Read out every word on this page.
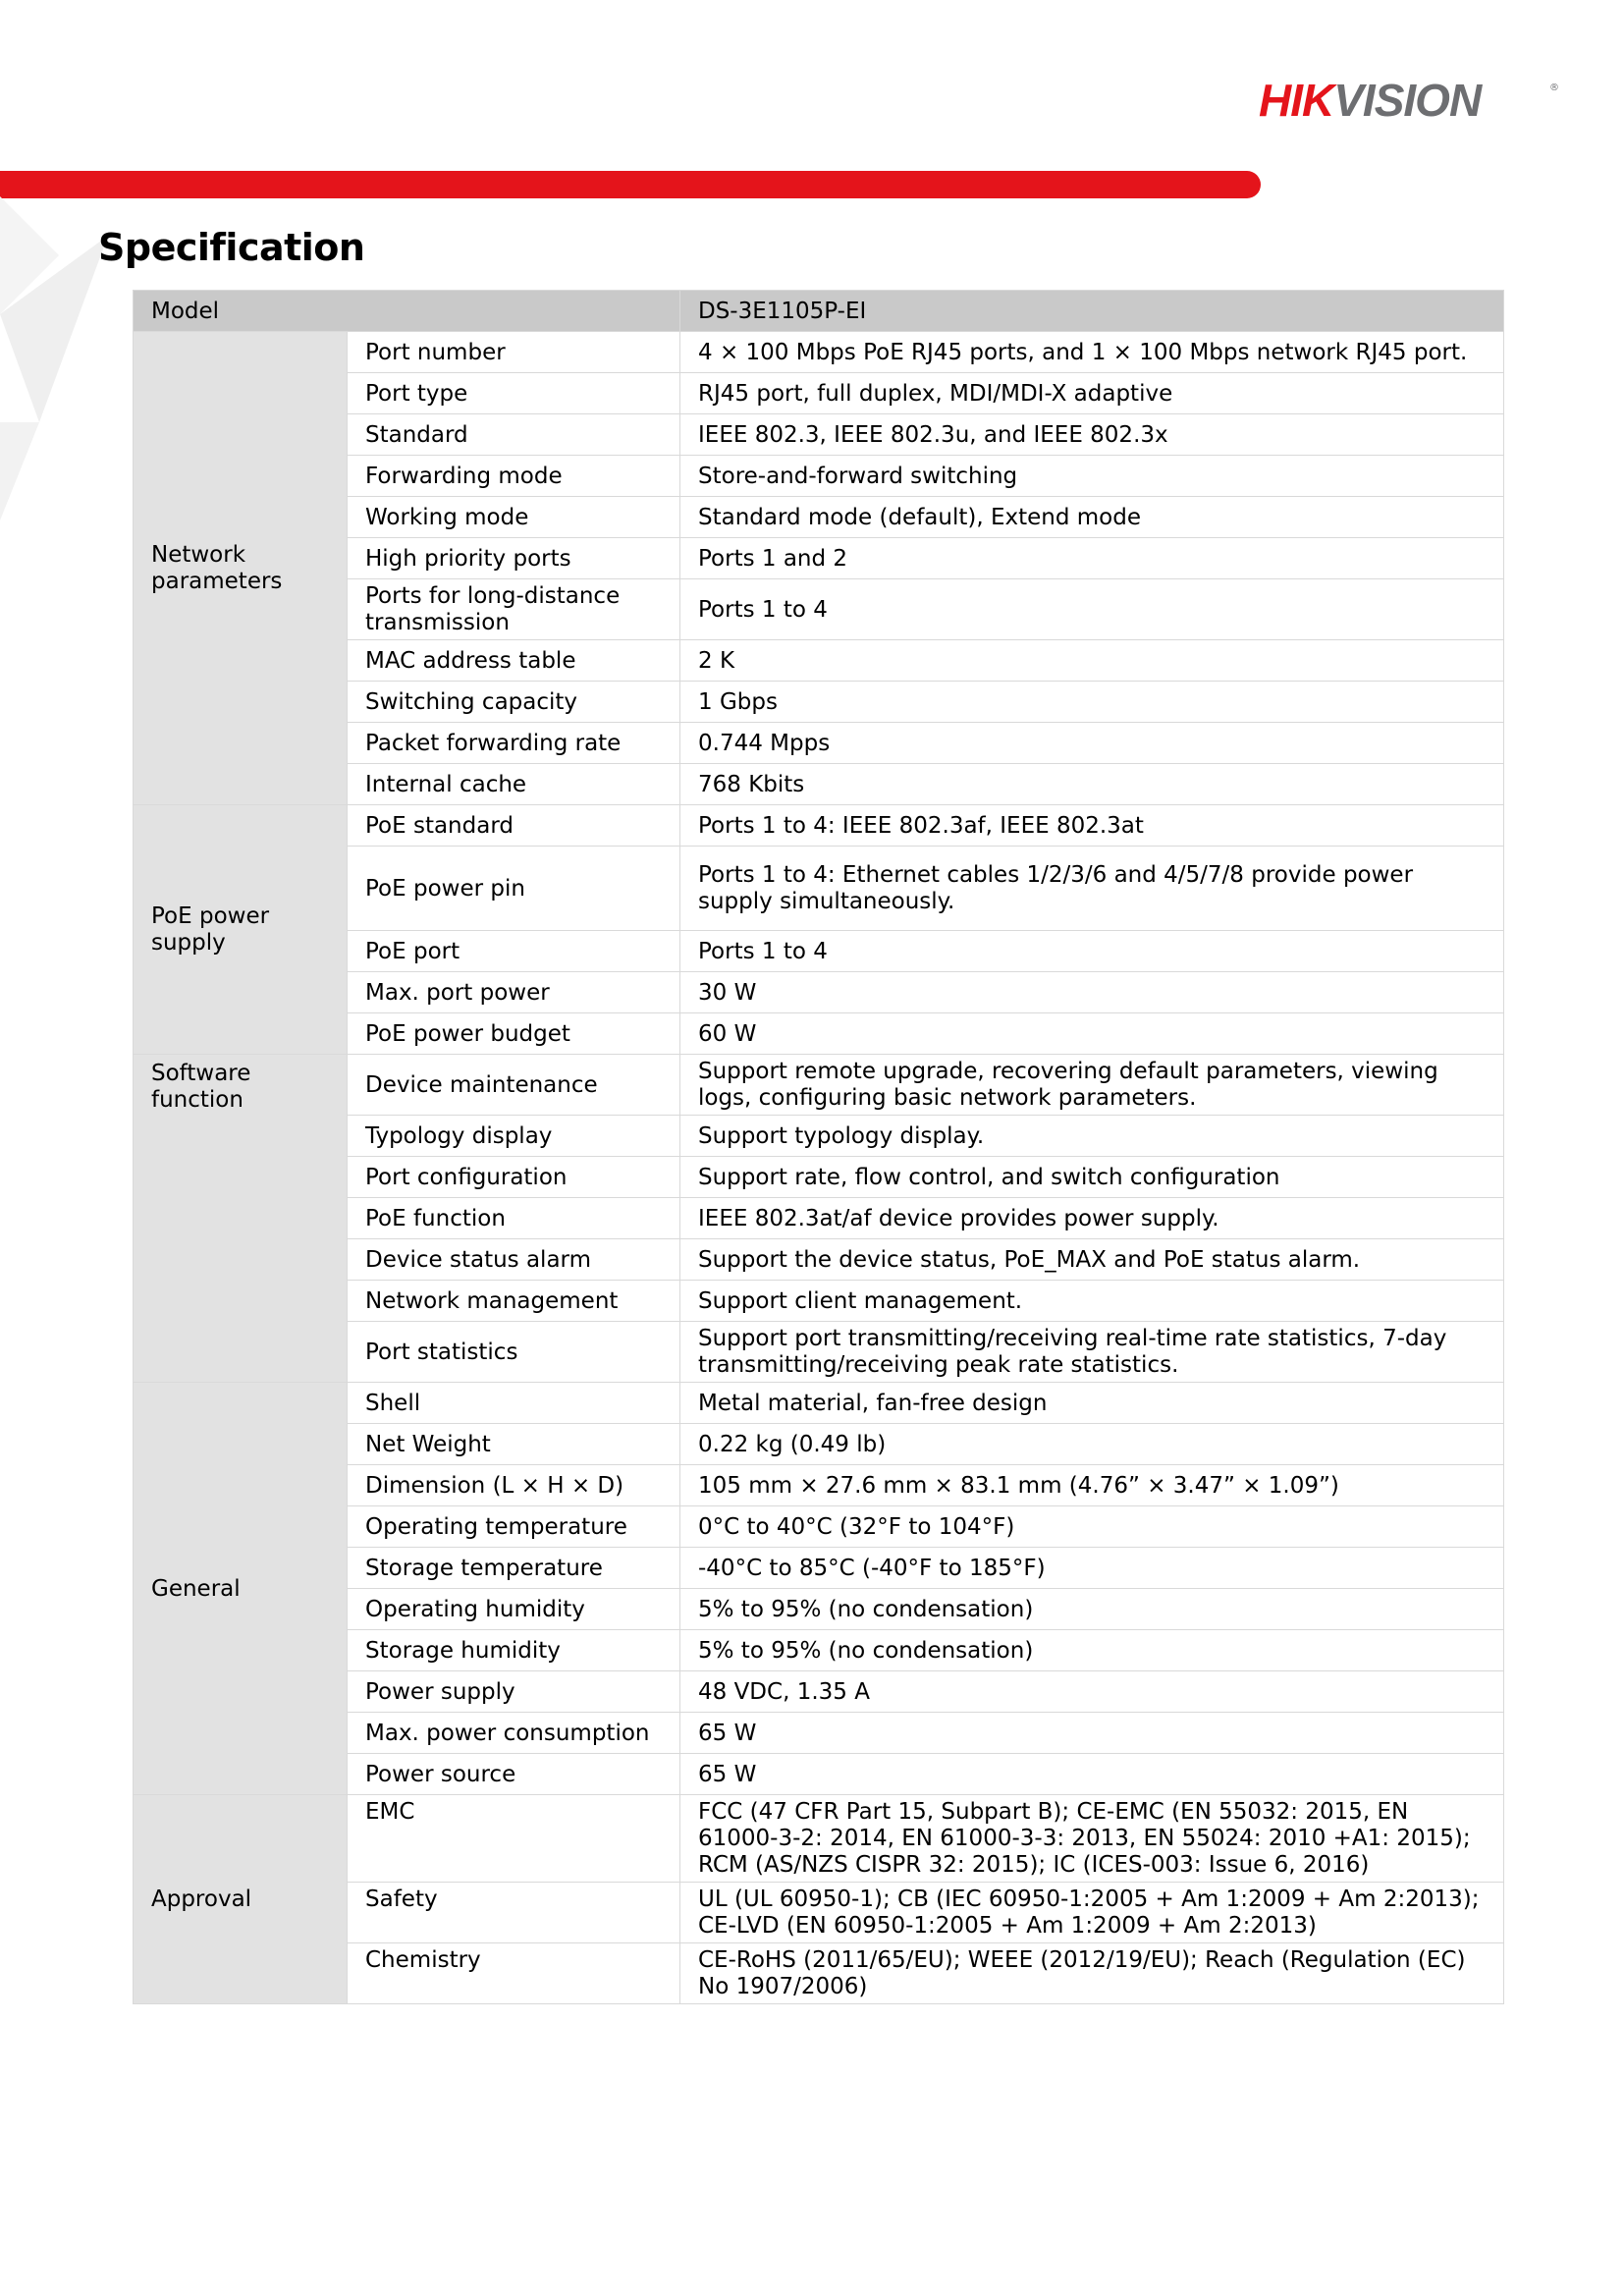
HIKVISION	®
Specification
Model		DS-3E1105P-EI
Network parameters	Port number	4 × 100 Mbps PoE RJ45 ports, and 1 × 100 Mbps network RJ45 port.
	Port type	RJ45 port, full duplex, MDI/MDI-X adaptive
	Standard	IEEE 802.3, IEEE 802.3u, and IEEE 802.3x
	Forwarding mode	Store-and-forward switching
	Working mode	Standard mode (default), Extend mode
	High priority ports	Ports 1 and 2
	Ports for long-distance transmission	Ports 1 to 4
	MAC address table	2 K
	Switching capacity	1 Gbps
	Packet forwarding rate	0.744 Mpps
	Internal cache	768 Kbits
PoE power supply	PoE standard	Ports 1 to 4: IEEE 802.3af, IEEE 802.3at
	PoE power pin	Ports 1 to 4: Ethernet cables 1/2/3/6 and 4/5/7/8 provide power supply simultaneously.
	PoE port	Ports 1 to 4
	Max. port power	30 W
	PoE power budget	60 W
Software function	Device maintenance	Support remote upgrade, recovering default parameters, viewing logs, configuring basic network parameters.
	Typology display	Support typology display.
	Port configuration	Support rate, flow control, and switch configuration
	PoE function	IEEE 802.3at/af device provides power supply.
	Device status alarm	Support the device status, PoE_MAX and PoE status alarm.
	Network management	Support client management.
	Port statistics	Support port transmitting/receiving real-time rate statistics, 7-day transmitting/receiving peak rate statistics.
General	Shell	Metal material, fan-free design
	Net Weight	0.22 kg (0.49 lb)
	Dimension (L × H × D)	105 mm × 27.6 mm × 83.1 mm (4.76” × 3.47” × 1.09”)
	Operating temperature	0°C to 40°C (32°F to 104°F)
	Storage temperature	-40°C to 85°C (-40°F to 185°F)
	Operating humidity	5% to 95% (no condensation)
	Storage humidity	5% to 95% (no condensation)
	Power supply	48 VDC, 1.35 A
	Max. power consumption	65 W
	Power source	65 W
Approval	EMC	FCC (47 CFR Part 15, Subpart B); CE-EMC (EN 55032: 2015, EN 61000-3-2: 2014, EN 61000-3-3: 2013, EN 55024: 2010 +A1: 2015); RCM (AS/NZS CISPR 32: 2015); IC (ICES-003: Issue 6, 2016)
	Safety	UL (UL 60950-1); CB (IEC 60950-1:2005 + Am 1:2009 + Am 2:2013); CE-LVD (EN 60950-1:2005 + Am 1:2009 + Am 2:2013)
	Chemistry	CE-RoHS (2011/65/EU); WEEE (2012/19/EU); Reach (Regulation (EC) No 1907/2006)
